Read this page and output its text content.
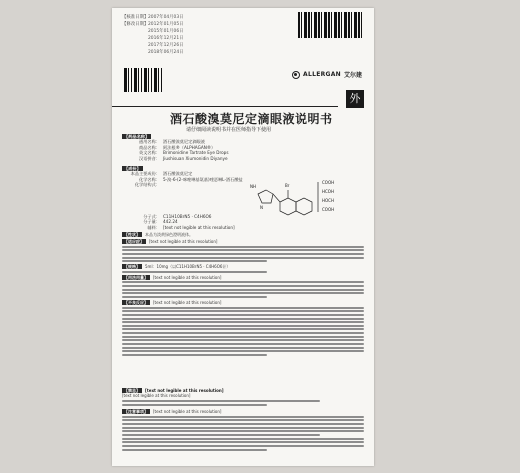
【核准日期】 2007年04月03日
【修改日期】 2012年01月05日
2015年01月06日
2016年12月21日
2017年12月26日
2018年06月24日
ALLERGAN 艾尔建
外
酒石酸溴莫尼定滴眼液说明书
请仔细阅读说明书并在医师指导下使用
【药品名称】
通用名称： 酒石酸溴莫尼定滴眼液
商品名称： 阿法根®（ALPHAGAN®）
英文名称： Brimonidine Tartrate Eye Drops
汉语拼音： Jiushisuan Xiumonidin Diyanye
【成份】
本品主要成份： 酒石酸溴莫尼定
化学名称： 5-溴-6-(2-咪唑啉基氨基)喹恶啉L-酒石酸盐
化学结构式：	NH
N
Br
COOH
HCOH
HOCH
COOH
分子式： C11H10BrN5 · C4H6O6
分子量： 442.24
辅料： [text not legible at this resolution]
【性状】 本品为淡黄绿色澄明液体。
【适应症】 [text not legible at this resolution]
【规格】 5ml：10mg（以C11H10BrN5 · C4H6O6计）
【用法用量】 [text not legible at this resolution]
【不良反应】 [text not legible at this resolution]
【禁忌】 [text not legible at this resolution]
[text not legible at this resolution]
【注意事项】 [text not legible at this resolution]
